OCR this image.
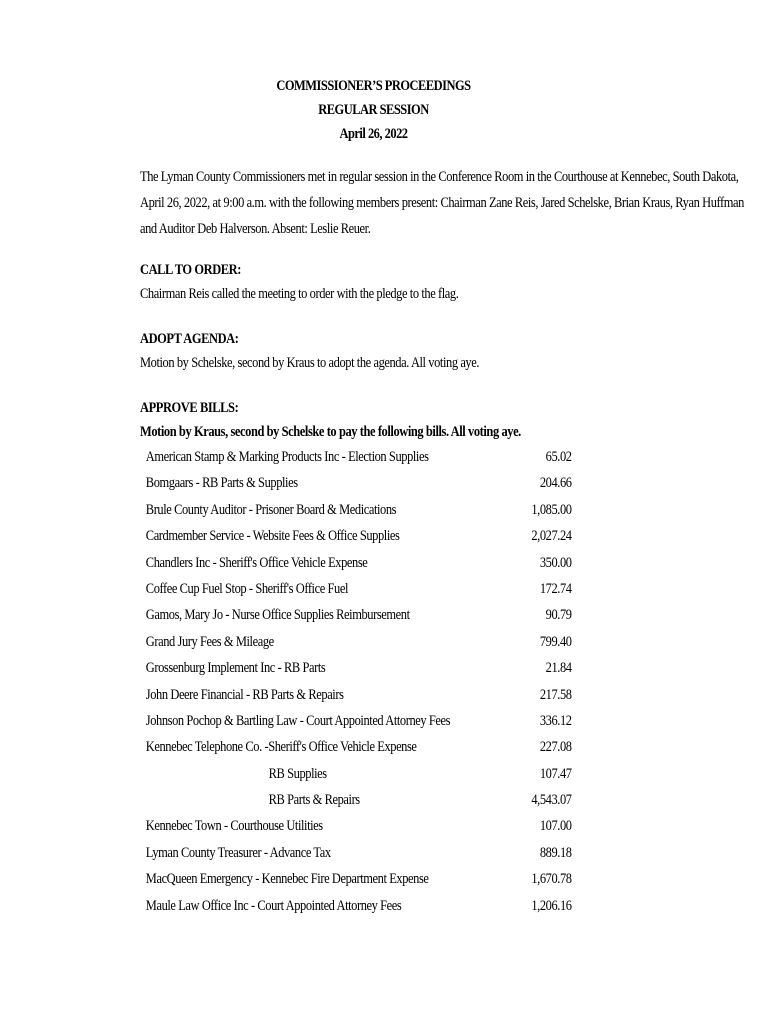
COMMISSIONER’S PROCEEDINGS
REGULAR SESSION
April 26, 2022
The Lyman County Commissioners met in regular session in the Conference Room in the Courthouse at Kennebec, South Dakota,
April 26, 2022, at 9:00 a.m. with the following members present: Chairman Zane Reis, Jared Schelske, Brian Kraus, Ryan Huffman
and Auditor Deb Halverson. Absent: Leslie Reuer.
CALL TO ORDER:
Chairman Reis called the meeting to order with the pledge to the flag.
ADOPT AGENDA:
Motion by Schelske, second by Kraus to adopt the agenda. All voting aye.
APPROVE BILLS:
Motion by Kraus, second by Schelske to pay the following bills. All voting aye.
American Stamp & Marking Products Inc - Election Supplies	65.02
Bomgaars - RB Parts & Supplies	204.66
Brule County Auditor - Prisoner Board & Medications	1,085.00
Cardmember Service - Website Fees & Office Supplies	2,027.24
Chandlers Inc - Sheriff's Office Vehicle Expense	350.00
Coffee Cup Fuel Stop - Sheriff's Office Fuel	172.74
Gamos, Mary Jo - Nurse Office Supplies Reimbursement	90.79
Grand Jury Fees & Mileage	799.40
Grossenburg Implement Inc - RB Parts	21.84
John Deere Financial - RB Parts & Repairs	217.58
Johnson Pochop & Bartling Law - Court Appointed Attorney Fees	336.12
Kennebec Telephone Co. -Sheriff's Office Vehicle Expense	227.08
RB Supplies	107.47
RB Parts & Repairs	4,543.07
Kennebec Town - Courthouse Utilities	107.00
Lyman County Treasurer - Advance Tax	889.18
MacQueen Emergency - Kennebec Fire Department Expense	1,670.78
Maule Law Office Inc - Court Appointed Attorney Fees	1,206.16
